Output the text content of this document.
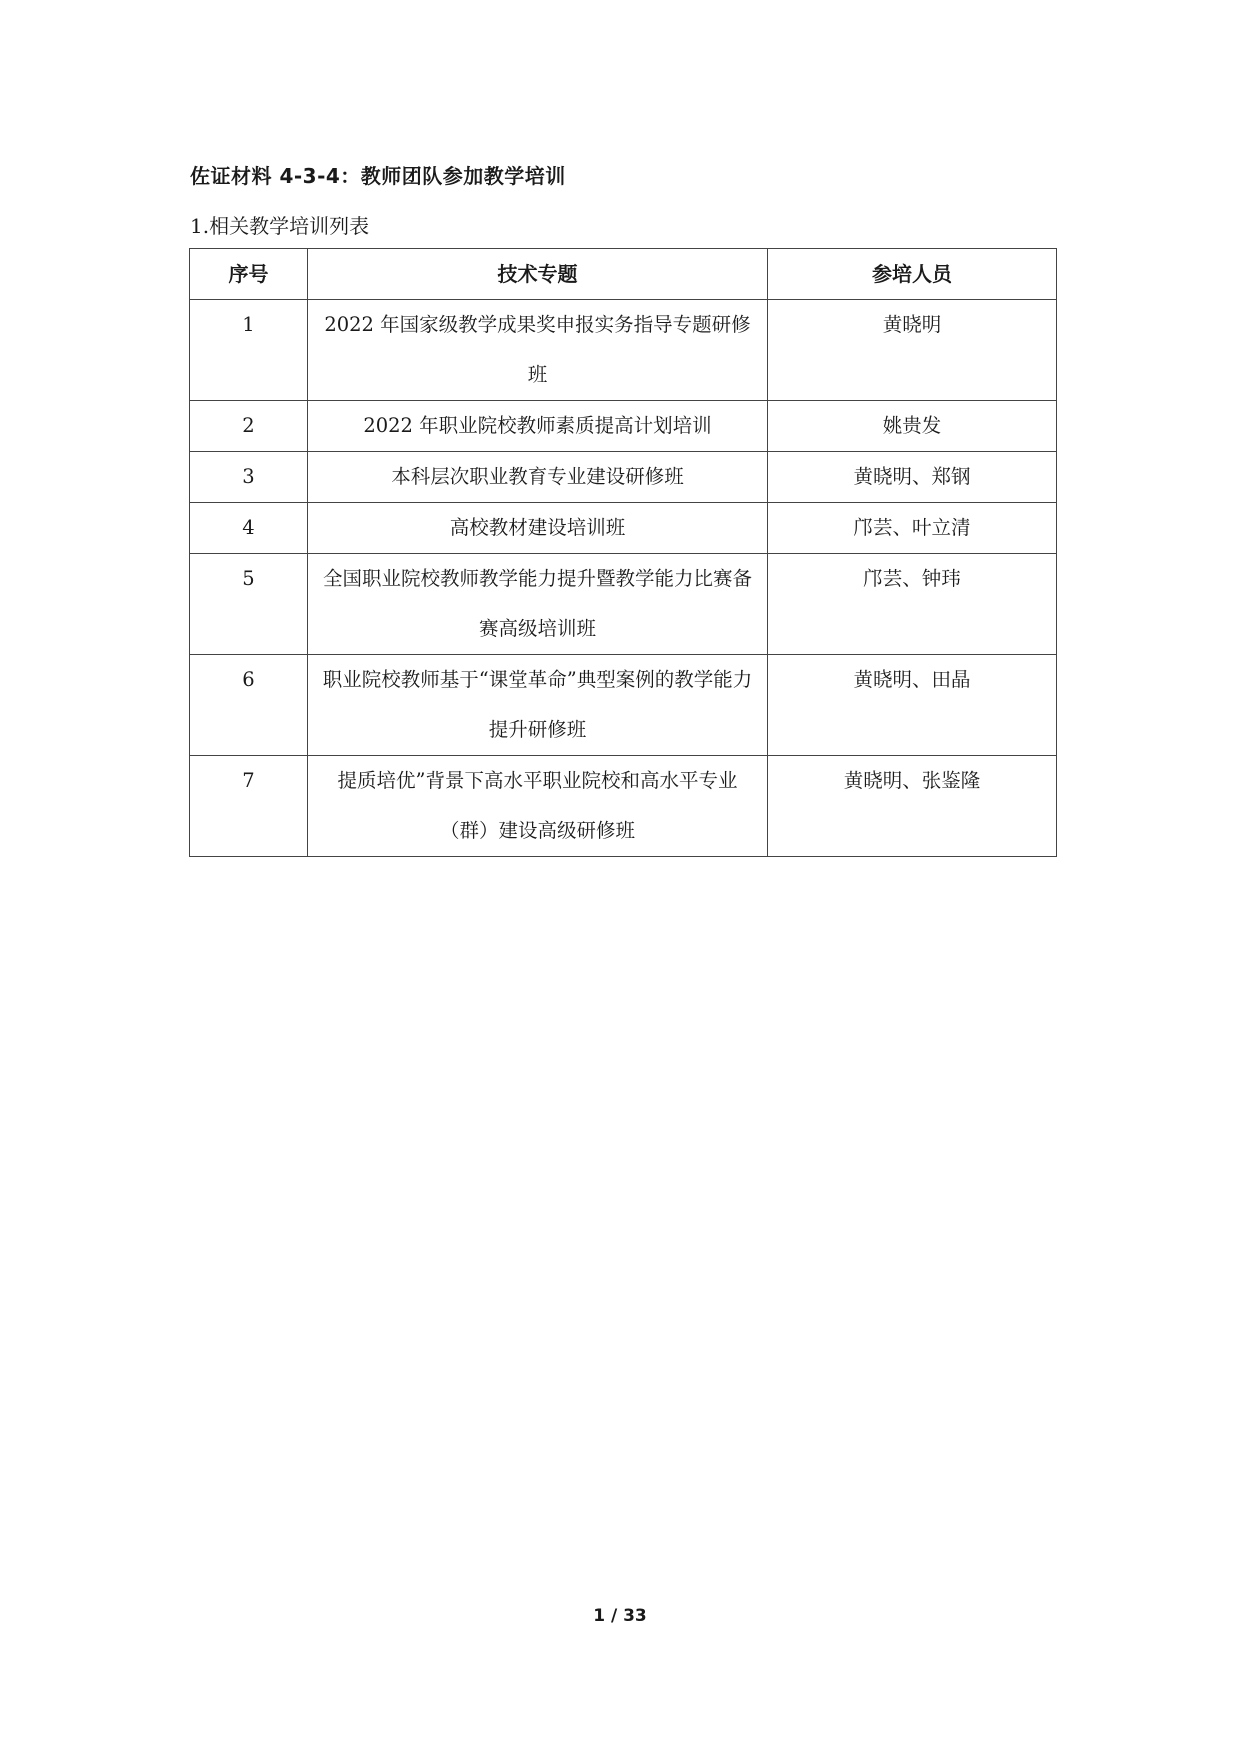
佐证材料 4-3-4：教师团队参加教学培训
1.相关教学培训列表
序号	技术专题	参培人员
1	2022 年国家级教学成果奖申报实务指导专题研修班	黄晓明
2	2022 年职业院校教师素质提高计划培训	姚贵发
3	本科层次职业教育专业建设研修班	黄晓明、郑钢
4	高校教材建设培训班	邝芸、叶立清
5	全国职业院校教师教学能力提升暨教学能力比赛备赛高级培训班	邝芸、钟玮
6	职业院校教师基于“课堂革命”典型案例的教学能力提升研修班	黄晓明、田晶
7	提质培优”背景下高水平职业院校和高水平专业（群）建设高级研修班	黄晓明、张鉴隆
1 / 33
